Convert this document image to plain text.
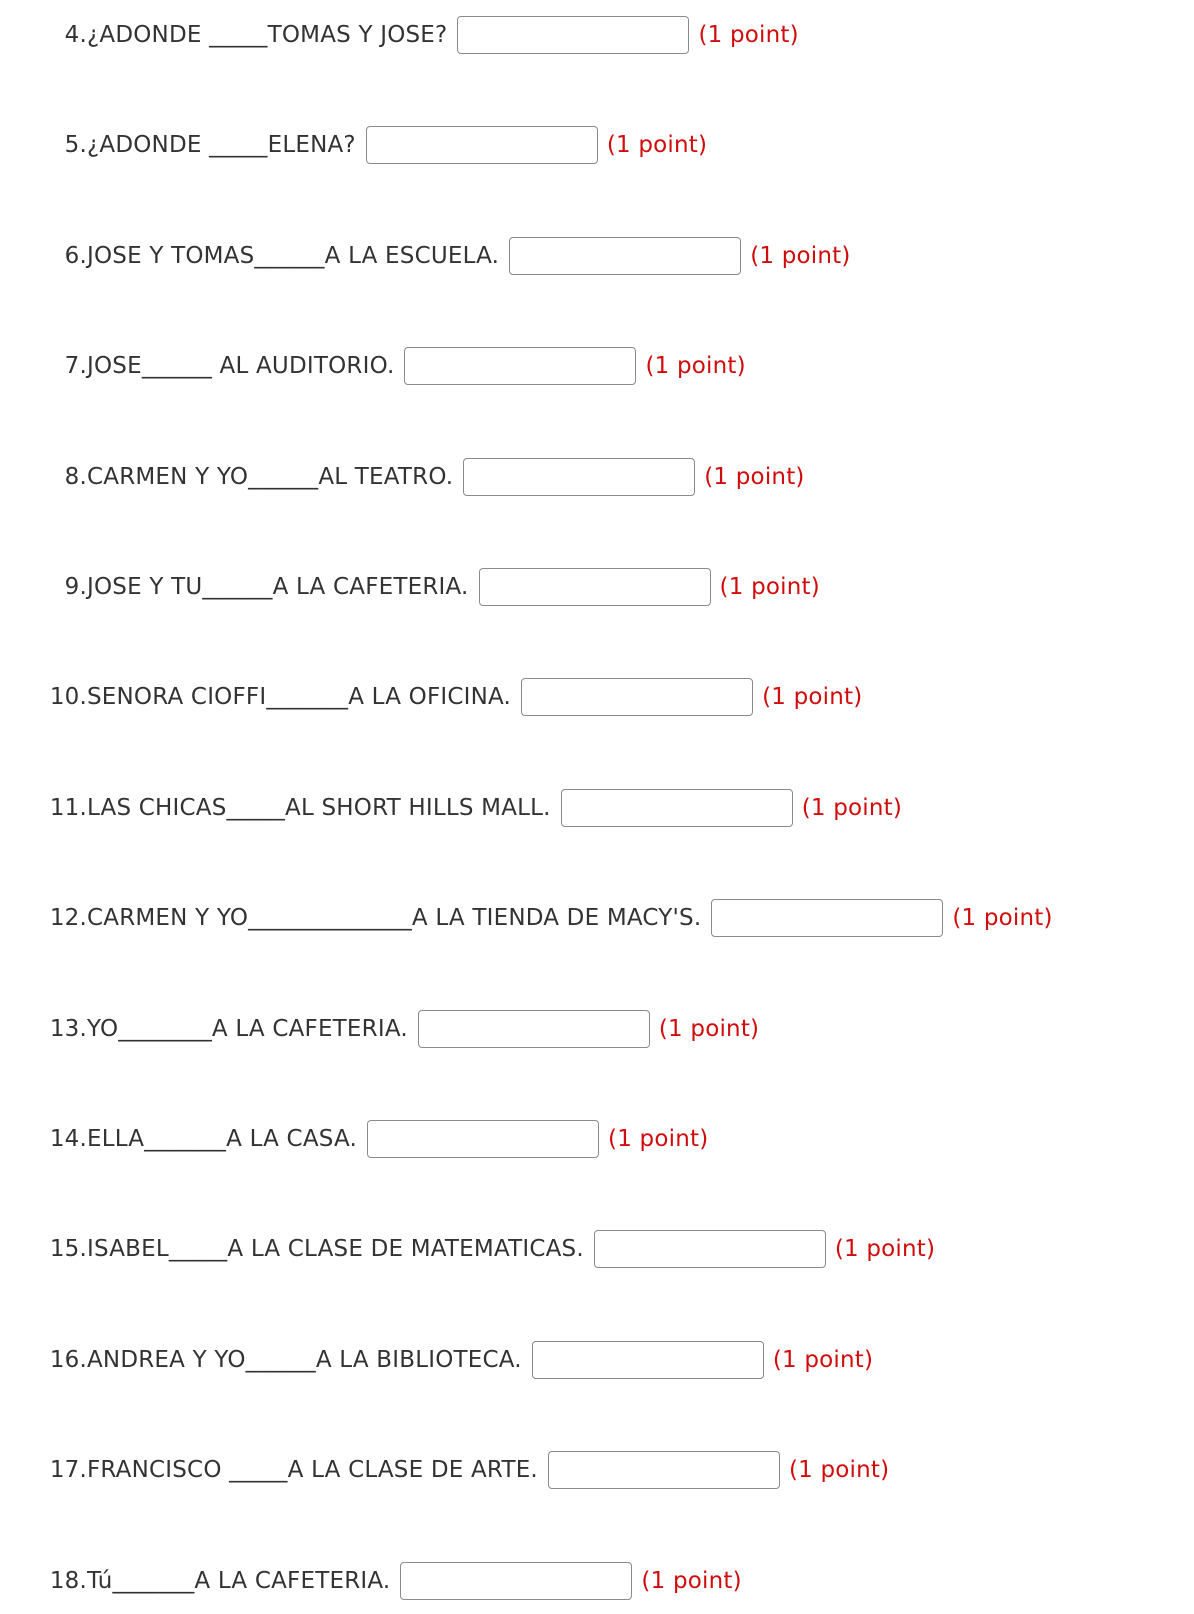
4. ¿ADONDE _____TOMAS Y JOSE?	(1 point)
5. ¿ADONDE _____ELENA?	(1 point)
6. JOSE Y TOMAS______A LA ESCUELA.	(1 point)
7. JOSE______ AL AUDITORIO.	(1 point)
8. CARMEN Y YO______AL TEATRO.	(1 point)
9. JOSE Y TU______A LA CAFETERIA.	(1 point)
10. SENORA CIOFFI_______A LA OFICINA.	(1 point)
11. LAS CHICAS_____AL SHORT HILLS MALL.	(1 point)
12. CARMEN Y YO______________A LA TIENDA DE MACY'S.	(1 point)
13. YO________A LA CAFETERIA.	(1 point)
14. ELLA_______A LA CASA.	(1 point)
15. ISABEL_____A LA CLASE DE MATEMATICAS.	(1 point)
16. ANDREA Y YO______A LA BIBLIOTECA.	(1 point)
17. FRANCISCO _____A LA CLASE DE ARTE.	(1 point)
18. Tú_______A LA CAFETERIA.	(1 point)
